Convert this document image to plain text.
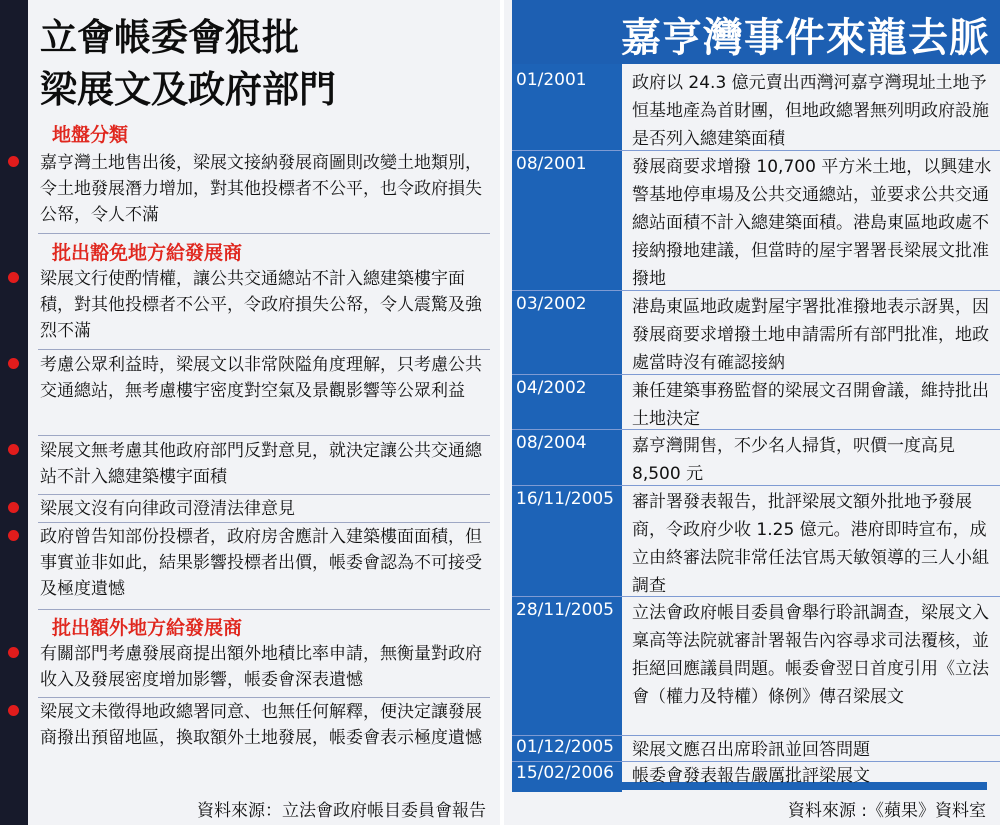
立會帳委會狠批
梁展文及政府部門
地盤分類
嘉亨灣土地售出後，梁展文接納發展商圖則改變土地類別，令土地發展潛力增加，對其他投標者不公平，也令政府損失公帑，令人不滿
批出豁免地方給發展商
梁展文行使酌情權，讓公共交通總站不計入總建築樓宇面積，對其他投標者不公平，令政府損失公帑，令人震驚及強烈不滿
考慮公眾利益時，梁展文以非常陝隘角度理解，只考慮公共交通總站，無考慮樓宇密度對空氣及景觀影響等公眾利益
梁展文無考慮其他政府部門反對意見，就決定讓公共交通總站不計入總建築樓宇面積
梁展文沒有向律政司澄清法律意見
政府曾告知部份投標者，政府房舍應計入建築樓面面積，但事實並非如此，結果影響投標者出價，帳委會認為不可接受及極度遺憾
批出額外地方給發展商
有關部門考慮發展商提出額外地積比率申請，無衡量對政府收入及發展密度增加影響，帳委會深表遺憾
梁展文未徵得地政總署同意、也無任何解釋，便決定讓發展商撥出預留地區，換取額外土地發展，帳委會表示極度遺憾
資料來源：立法會政府帳目委員會報告
嘉亨灣事件來龍去脈
01/2001	政府以 24.3 億元賣出西灣河嘉亨灣現址土地予恒基地產為首財團，但地政總署無列明政府設施是否列入總建築面積
08/2001	發展商要求增撥 10,700 平方米土地，以興建水警基地停車場及公共交通總站，並要求公共交通總站面積不計入總建築面積。港島東區地政處不接納撥地建議，但當時的屋宇署署長梁展文批准撥地
03/2002	港島東區地政處對屋宇署批准撥地表示訝異，因發展商要求增撥土地申請需所有部門批准，地政處當時沒有確認接納
04/2002	兼任建築事務監督的梁展文召開會議，維持批出土地決定
08/2004	嘉亨灣開售，不少名人掃貨，呎價一度高見 8,500 元
16/11/2005 審計署發表報告，批評梁展文額外批地予發展商，令政府少收 1.25 億元。港府即時宣布，成立由終審法院非常任法官馬天敏領導的三人小組調查
28/11/2005 立法會政府帳目委員會舉行聆訊調查，梁展文入稟高等法院就審計署報告內容尋求司法覆核，並拒絕回應議員問題。帳委會翌日首度引用《立法會（權力及特權）條例》傳召梁展文
01/12/2005 梁展文應召出席聆訊並回答問題
15/02/2006 帳委會發表報告嚴厲批評梁展文
資料來源 :《蘋果》資料室
